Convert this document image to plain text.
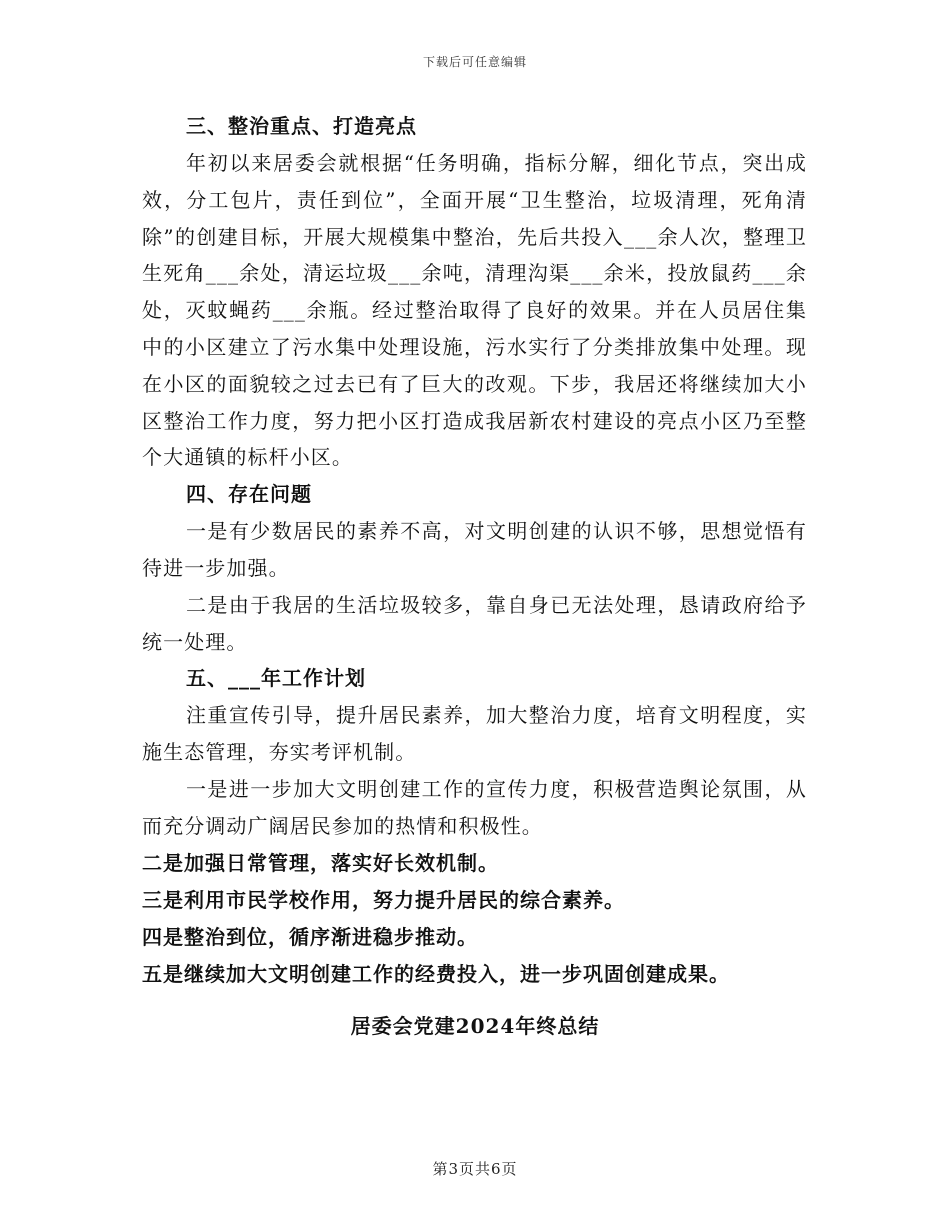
下载后可任意编辑

三、整治重点、打造亮点

年初以来居委会就根据“任务明确，指标分解，细化节点，突出成效，分工包片，责任到位”，全面开展“卫生整治，垃圾清理，死角清除”的创建目标，开展大规模集中整治，先后共投入___余人次，整理卫生死角___余处，清运垃圾___余吨，清理沟渠___余米，投放鼠药___余处，灭蚊蝇药___余瓶。经过整治取得了良好的效果。并在人员居住集中的小区建立了污水集中处理设施，污水实行了分类排放集中处理。现在小区的面貌较之过去已有了巨大的改观。下步，我居还将继续加大小区整治工作力度，努力把小区打造成我居新农村建设的亮点小区乃至整个大通镇的标杆小区。

四、存在问题

一是有少数居民的素养不高，对文明创建的认识不够，思想觉悟有待进一步加强。

二是由于我居的生活垃圾较多，靠自身已无法处理，恳请政府给予统一处理。

五、___年工作计划

注重宣传引导，提升居民素养，加大整治力度，培育文明程度，实施生态管理，夯实考评机制。

一是进一步加大文明创建工作的宣传力度，积极营造舆论氛围，从而充分调动广阔居民参加的热情和积极性。

二是加强日常管理，落实好长效机制。

三是利用市民学校作用，努力提升居民的综合素养。

四是整治到位，循序渐进稳步推动。

五是继续加大文明创建工作的经费投入，进一步巩固创建成果。

居委会党建2024年终总结
第3页共6页
